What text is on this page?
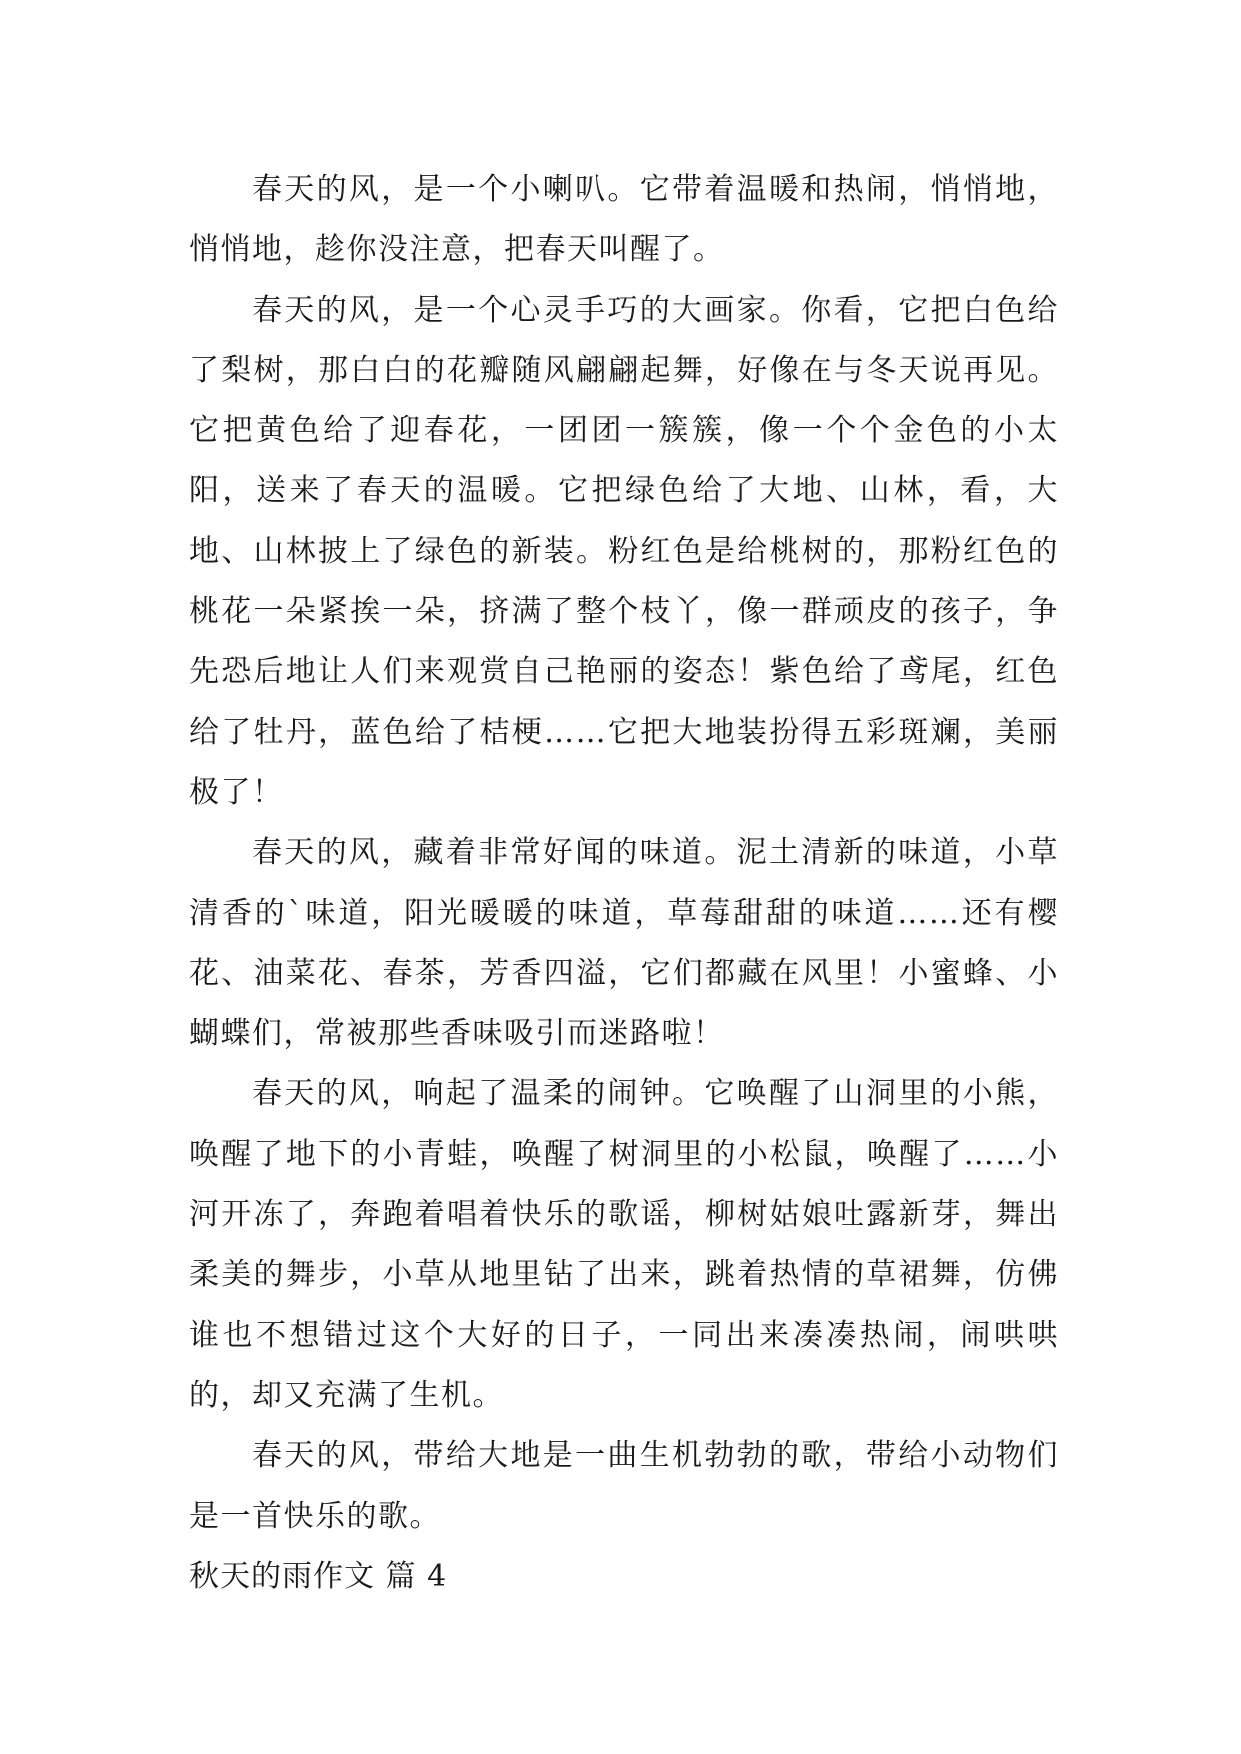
春天的风，是一个小喇叭。它带着温暖和热闹，悄悄地，悄悄地，趁你没注意，把春天叫醒了。

春天的风，是一个心灵手巧的大画家。你看，它把白色给了梨树，那白白的花瓣随风翩翩起舞，好像在与冬天说再见。它把黄色给了迎春花，一团团一簇簇，像一个个金色的小太阳，送来了春天的温暖。它把绿色给了大地、山林，看，大地、山林披上了绿色的新装。粉红色是给桃树的，那粉红色的桃花一朵紧挨一朵，挤满了整个枝丫，像一群顽皮的孩子，争先恐后地让人们来观赏自己艳丽的姿态！紫色给了鸢尾，红色给了牡丹，蓝色给了桔梗……它把大地装扮得五彩斑斓，美丽极了！

春天的风，藏着非常好闻的味道。泥土清新的味道，小草清香的`味道，阳光暖暖的味道，草莓甜甜的味道……还有樱花、油菜花、春茶，芳香四溢，它们都藏在风里！小蜜蜂、小蝴蝶们，常被那些香味吸引而迷路啦！

春天的风，响起了温柔的闹钟。它唤醒了山洞里的小熊，唤醒了地下的小青蛙，唤醒了树洞里的小松鼠，唤醒了……小河开冻了，奔跑着唱着快乐的歌谣，柳树姑娘吐露新芽，舞出柔美的舞步，小草从地里钻了出来，跳着热情的草裙舞，仿佛谁也不想错过这个大好的日子，一同出来凑凑热闹，闹哄哄的，却又充满了生机。

春天的风，带给大地是一曲生机勃勃的歌，带给小动物们是一首快乐的歌。

秋天的雨作文 篇 4
